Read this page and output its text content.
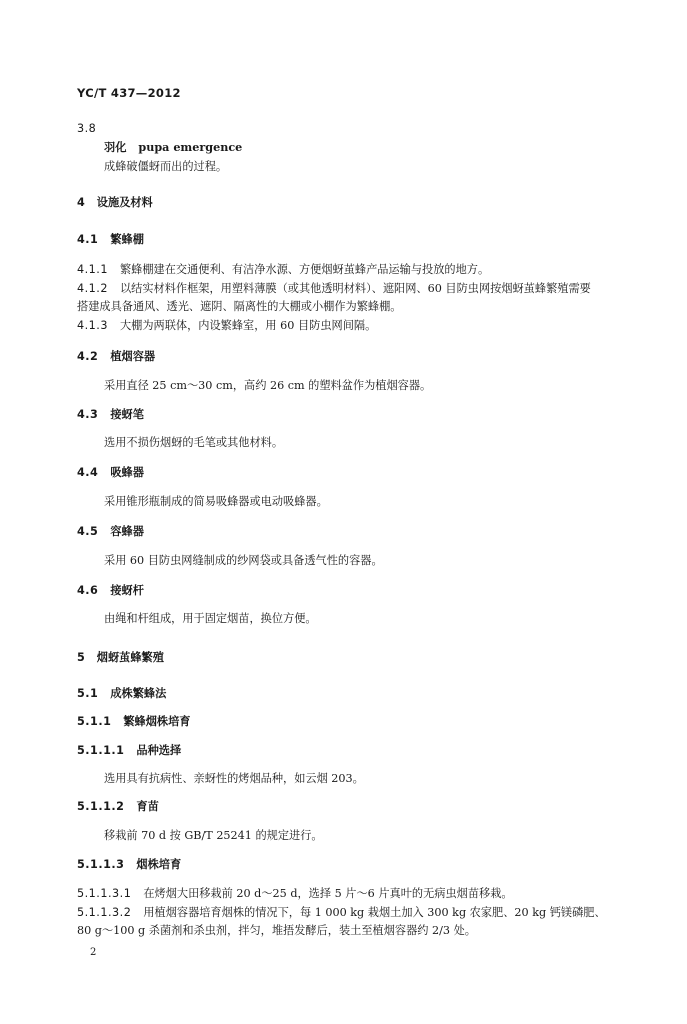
YC/T 437—2012
3.8
羽化 pupa emergence
成蜂破僵蚜而出的过程。
4 设施及材料
4.1 繁蜂棚
4.1.1 繁蜂棚建在交通便利、有洁净水源、方便烟蚜茧蜂产品运输与投放的地方。
4.1.2 以结实材料作框架，用塑料薄膜（或其他透明材料）、遮阳网、60 目防虫网按烟蚜茧蜂繁殖需要
搭建成具备通风、透光、遮阴、隔离性的大棚或小棚作为繁蜂棚。
4.1.3 大棚为两联体，内设繁蜂室，用 60 目防虫网间隔。
4.2 植烟容器
采用直径 25 cm～30 cm，高约 26 cm 的塑料盆作为植烟容器。
4.3 接蚜笔
选用不损伤烟蚜的毛笔或其他材料。
4.4 吸蜂器
采用锥形瓶制成的简易吸蜂器或电动吸蜂器。
4.5 容蜂器
采用 60 目防虫网缝制成的纱网袋或具备透气性的容器。
4.6 接蚜杆
由绳和杆组成，用于固定烟苗，换位方便。
5 烟蚜茧蜂繁殖
5.1 成株繁蜂法
5.1.1 繁蜂烟株培育
5.1.1.1 品种选择
选用具有抗病性、亲蚜性的烤烟品种，如云烟 203。
5.1.1.2 育苗
移栽前 70 d 按 GB/T 25241 的规定进行。
5.1.1.3 烟株培育
5.1.1.3.1 在烤烟大田移栽前 20 d～25 d，选择 5 片～6 片真叶的无病虫烟苗移栽。
5.1.1.3.2 用植烟容器培育烟株的情况下，每 1 000 kg 栽烟土加入 300 kg 农家肥、20 kg 钙镁磷肥、
80 g～100 g 杀菌剂和杀虫剂，拌匀，堆捂发酵后，装土至植烟容器约 2/3 处。
2
